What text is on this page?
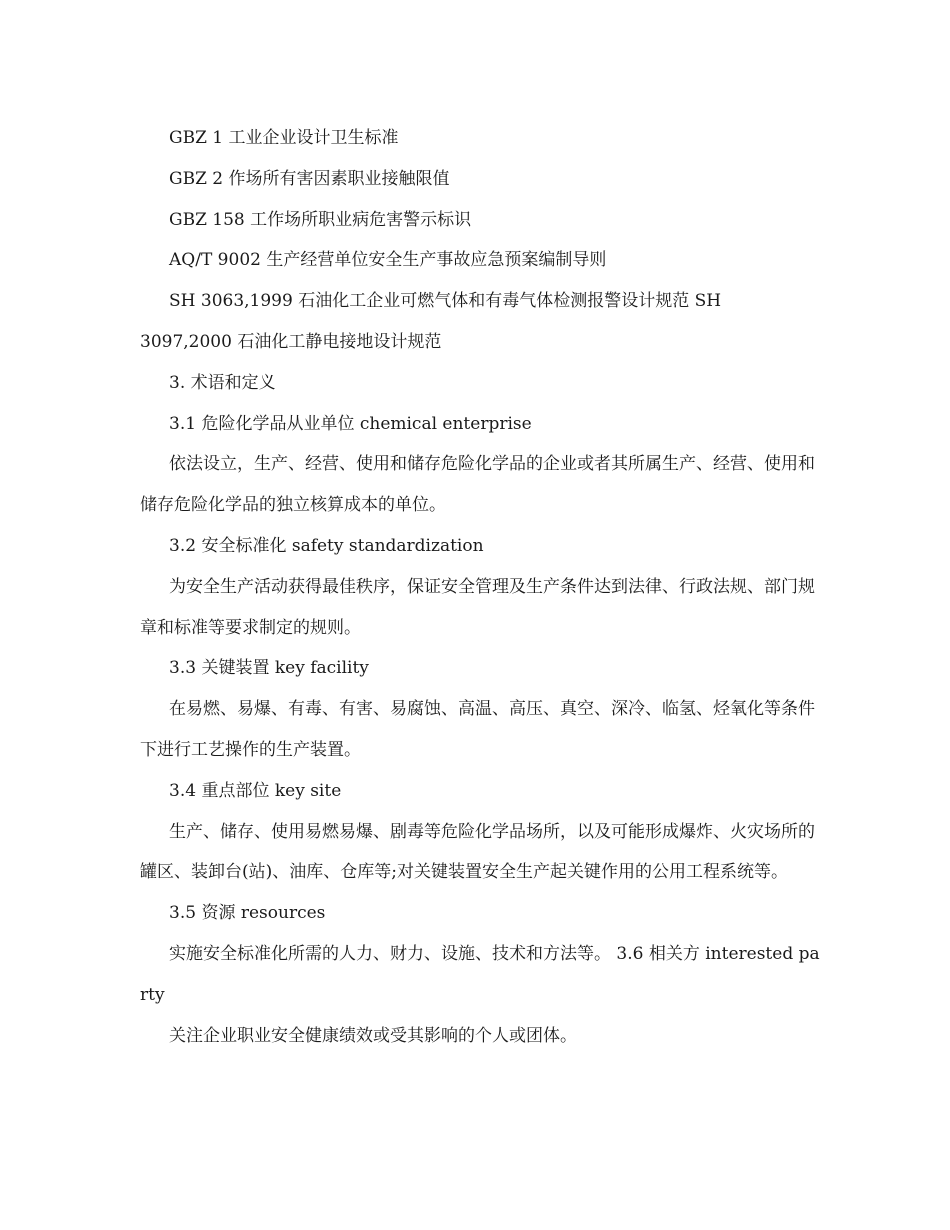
GBZ 1 工业企业设计卫生标准

GBZ 2 作场所有害因素职业接触限值

GBZ 158 工作场所职业病危害警示标识

AQ/T 9002 生产经营单位安全生产事故应急预案编制导则

SH 3063,1999 石油化工企业可燃气体和有毒气体检测报警设计规范 SH

3097,2000 石油化工静电接地设计规范

3. 术语和定义

3.1 危险化学品从业单位 chemical enterprise

依法设立，生产、经营、使用和储存危险化学品的企业或者其所属生产、经营、使用和储存危险化学品的独立核算成本的单位。

3.2 安全标准化 safety standardization

为安全生产活动获得最佳秩序，保证安全管理及生产条件达到法律、行政法规、部门规章和标准等要求制定的规则。

3.3 关键装置 key facility

在易燃、易爆、有毒、有害、易腐蚀、高温、高压、真空、深冷、临氢、烃氧化等条件下进行工艺操作的生产装置。

3.4 重点部位 key site

生产、储存、使用易燃易爆、剧毒等危险化学品场所，以及可能形成爆炸、火灾场所的罐区、装卸台(站)、油库、仓库等;对关键装置安全生产起关键作用的公用工程系统等。

3.5 资源 resources

实施安全标准化所需的人力、财力、设施、技术和方法等。 3.6 相关方 interested party

关注企业职业安全健康绩效或受其影响的个人或团体。
